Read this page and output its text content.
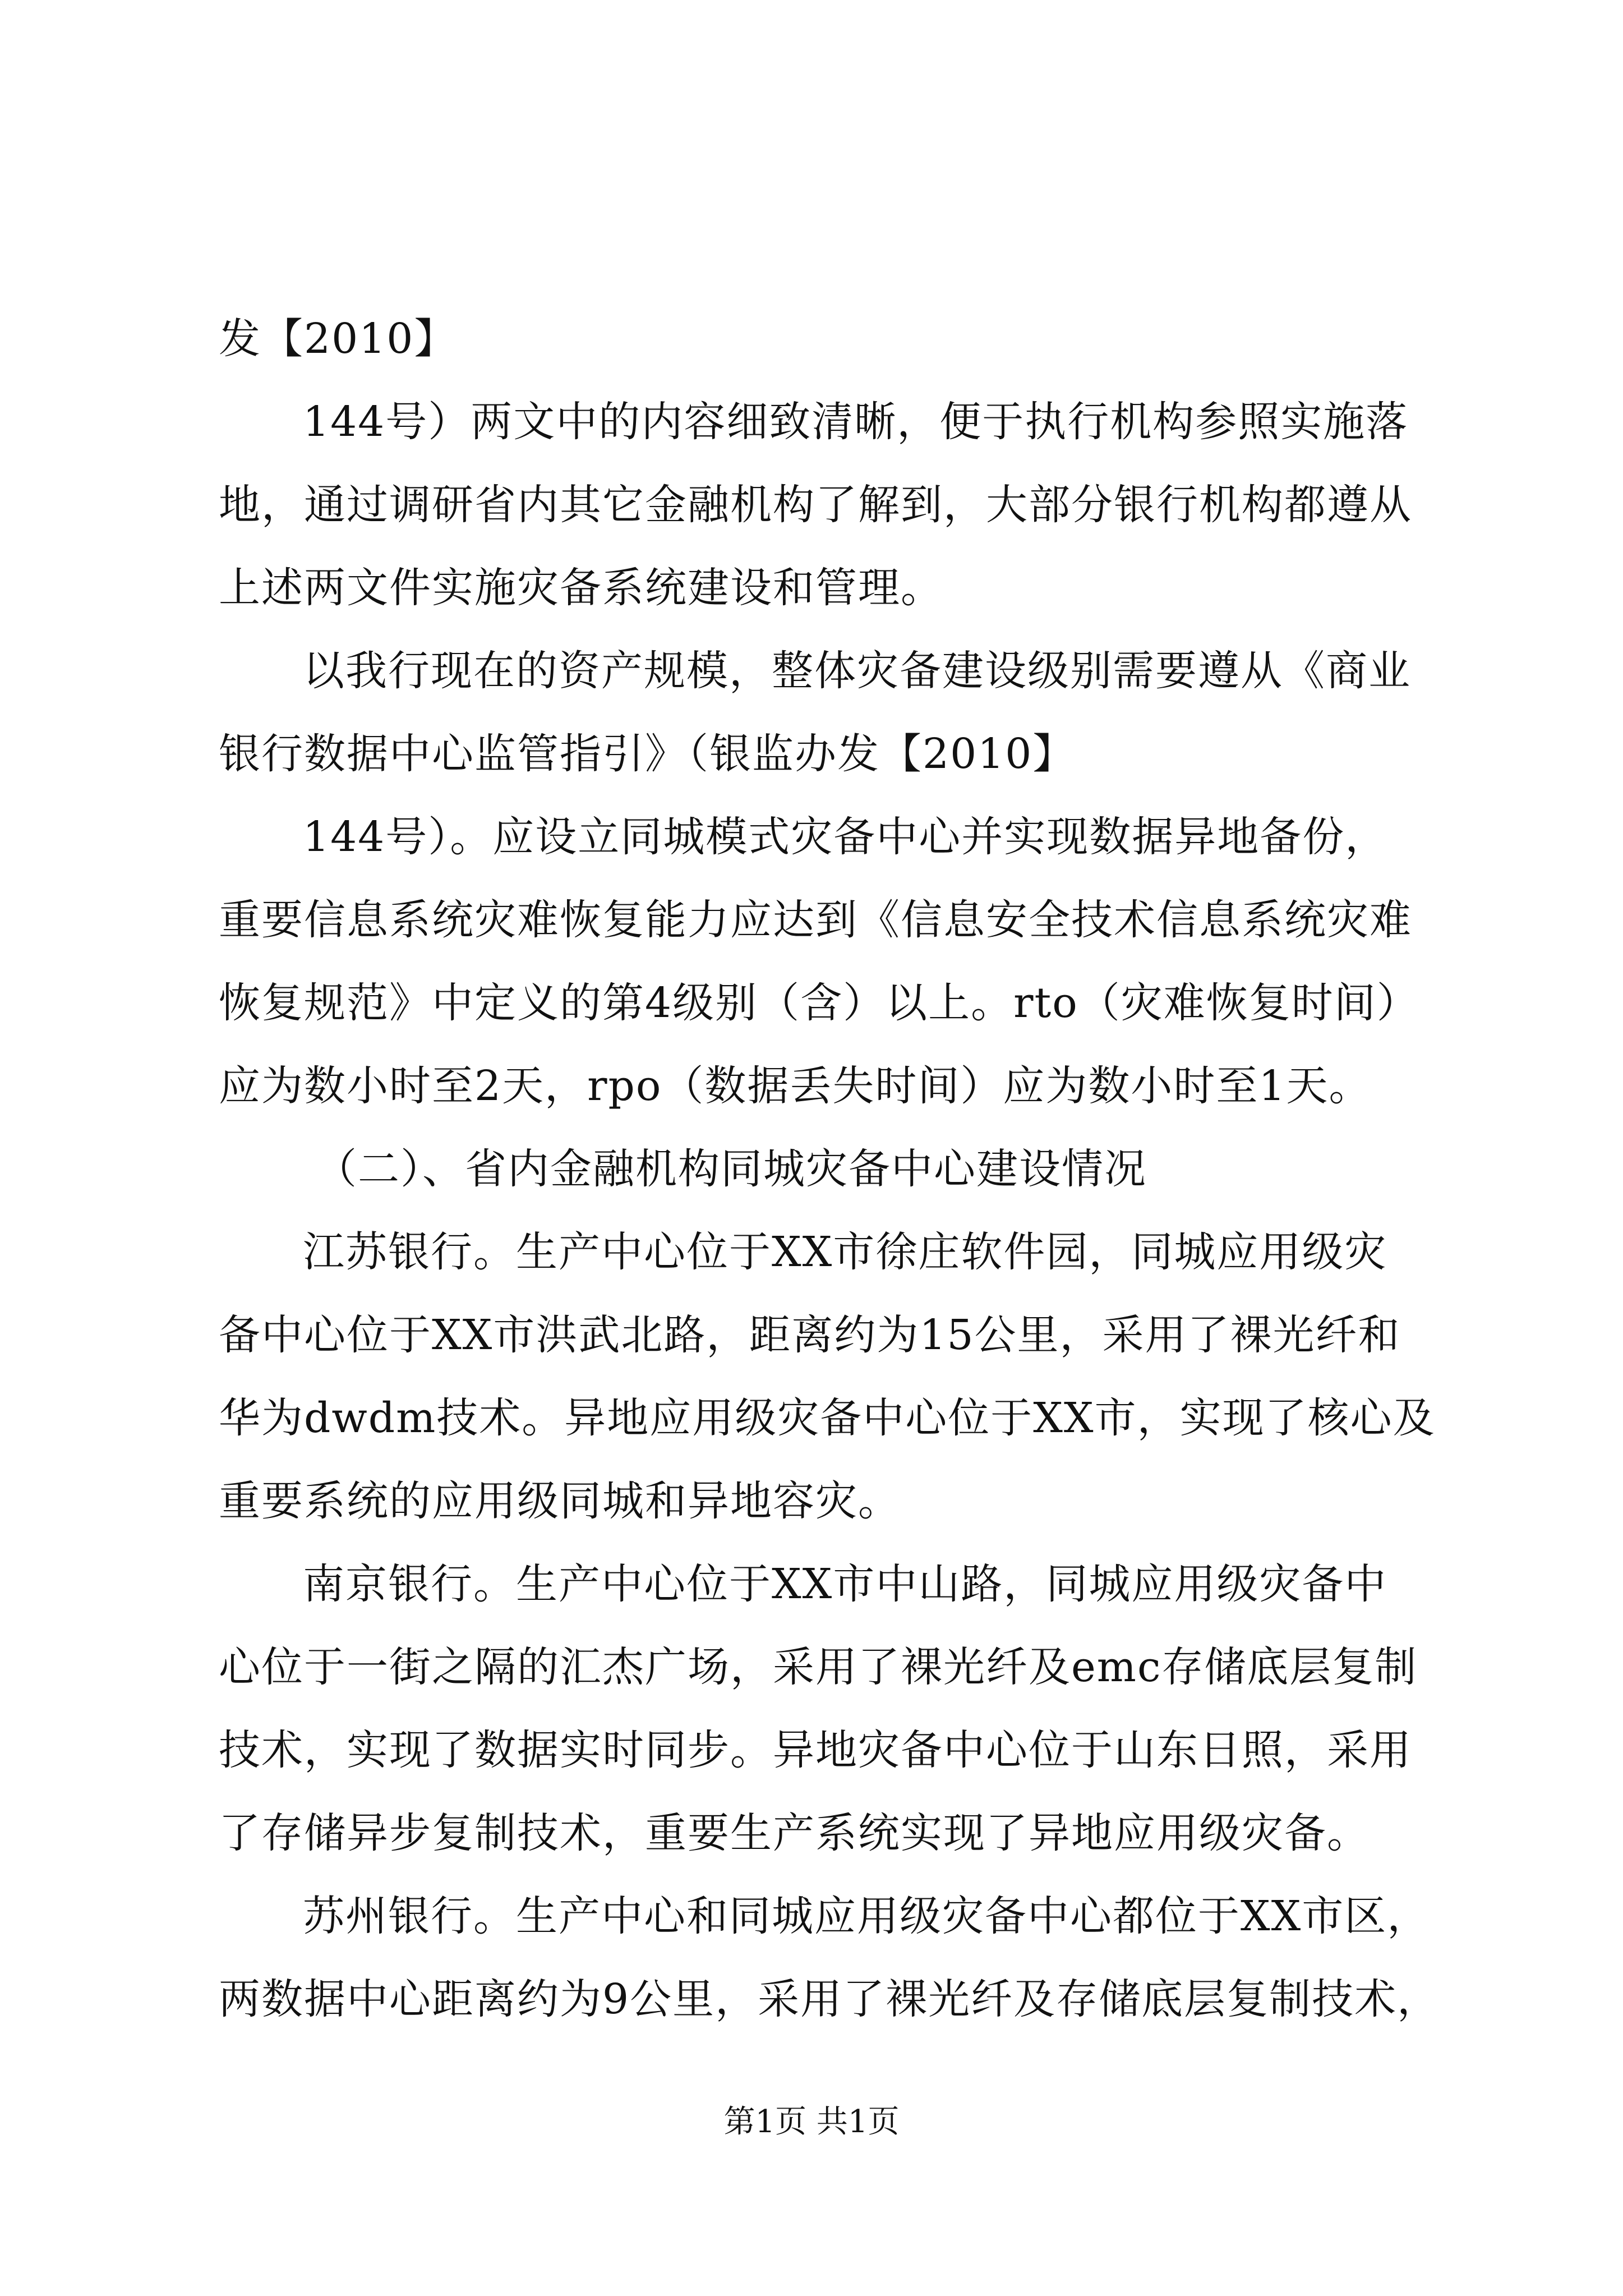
发【2010】
144号）两文中的内容细致清晰，便于执行机构参照实施落
地，通过调研省内其它金融机构了解到，大部分银行机构都遵从
上述两文件实施灾备系统建设和管理。
以我行现在的资产规模，整体灾备建设级别需要遵从《商业
银行数据中心监管指引》（银监办发【2010】
144号）。应设立同城模式灾备中心并实现数据异地备份，
重要信息系统灾难恢复能力应达到《信息安全技术信息系统灾难
恢复规范》中定义的第4级别（含）以上。rto（灾难恢复时间）
应为数小时至2天，rpo（数据丢失时间）应为数小时至1天。
（二）、省内金融机构同城灾备中心建设情况
江苏银行。生产中心位于XX市徐庄软件园，同城应用级灾
备中心位于XX市洪武北路，距离约为15公里，采用了裸光纤和
华为dwdm技术。异地应用级灾备中心位于XX市，实现了核心及
重要系统的应用级同城和异地容灾。
南京银行。生产中心位于XX市中山路，同城应用级灾备中
心位于一街之隔的汇杰广场，采用了裸光纤及emc存储底层复制
技术，实现了数据实时同步。异地灾备中心位于山东日照，采用
了存储异步复制技术，重要生产系统实现了异地应用级灾备。
苏州银行。生产中心和同城应用级灾备中心都位于XX市区，
两数据中心距离约为9公里，采用了裸光纤及存储底层复制技术，
第1页 共1页
